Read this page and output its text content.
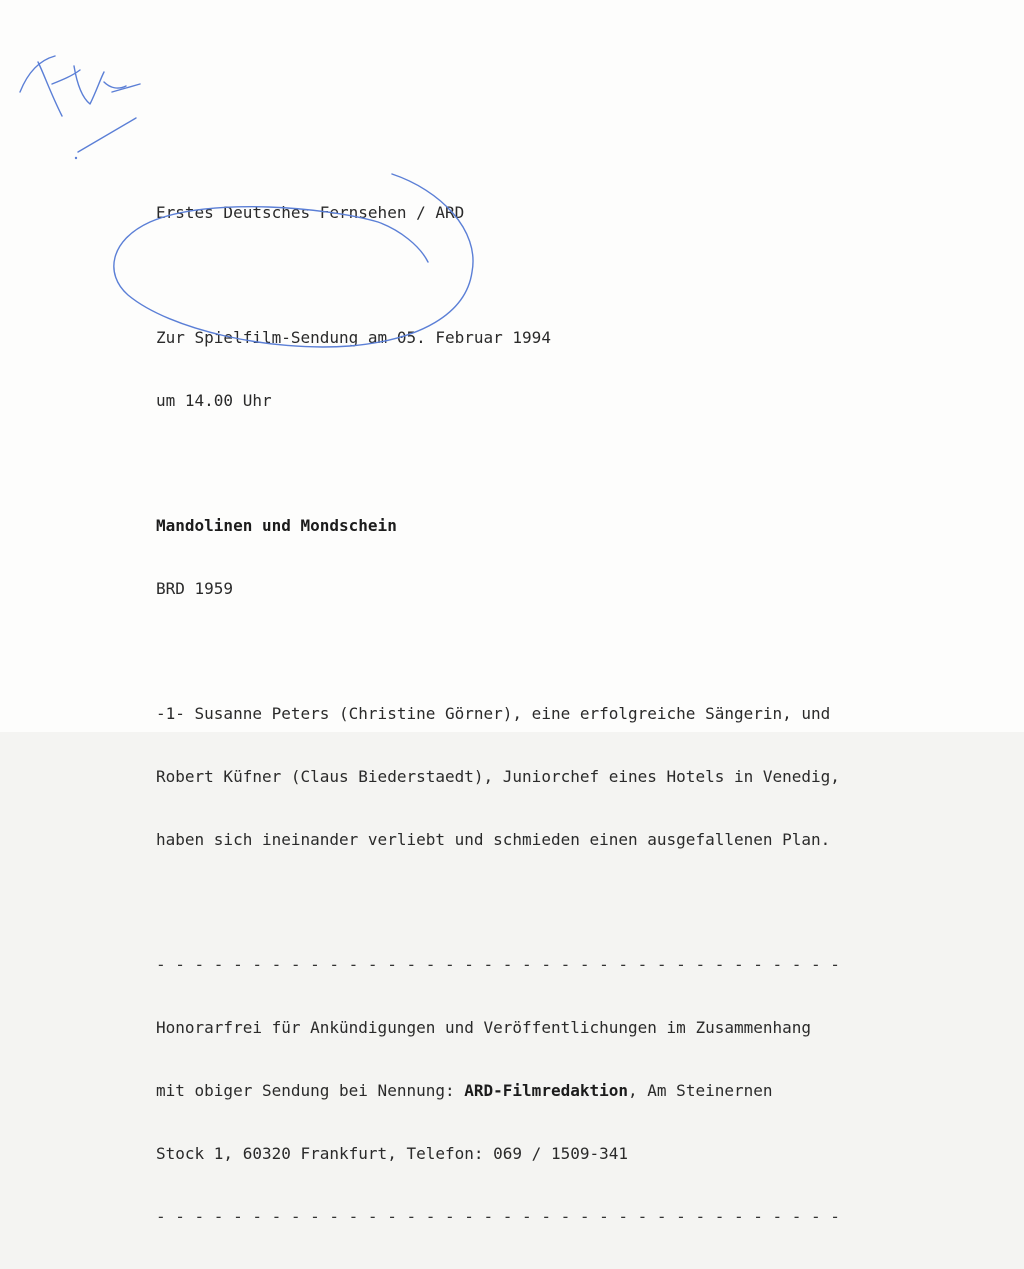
Erstes Deutsches Fernsehen / ARD

Zur Spielfilm-Sendung am 05. Februar 1994

um 14.00 Uhr

Mandolinen und Mondschein

BRD 1959

-1- Susanne Peters (Christine Görner), eine erfolgreiche Sängerin, und

Robert Küfner (Claus Biederstaedt), Juniorchef eines Hotels in Venedig,

haben sich ineinander verliebt und schmieden einen ausgefallenen Plan.

- - - - - - - - - - - - - - - - - - - - - - - - - - - - - - - - - - - -

Honorarfrei für Ankündigungen und Veröffentlichungen im Zusammenhang

mit obiger Sendung bei Nennung: ARD-Filmredaktion, Am Steinernen

Stock 1, 60320 Frankfurt, Telefon: 069 / 1509-341

- - - - - - - - - - - - - - - - - - - - - - - - - - - - - - - - - - - -
